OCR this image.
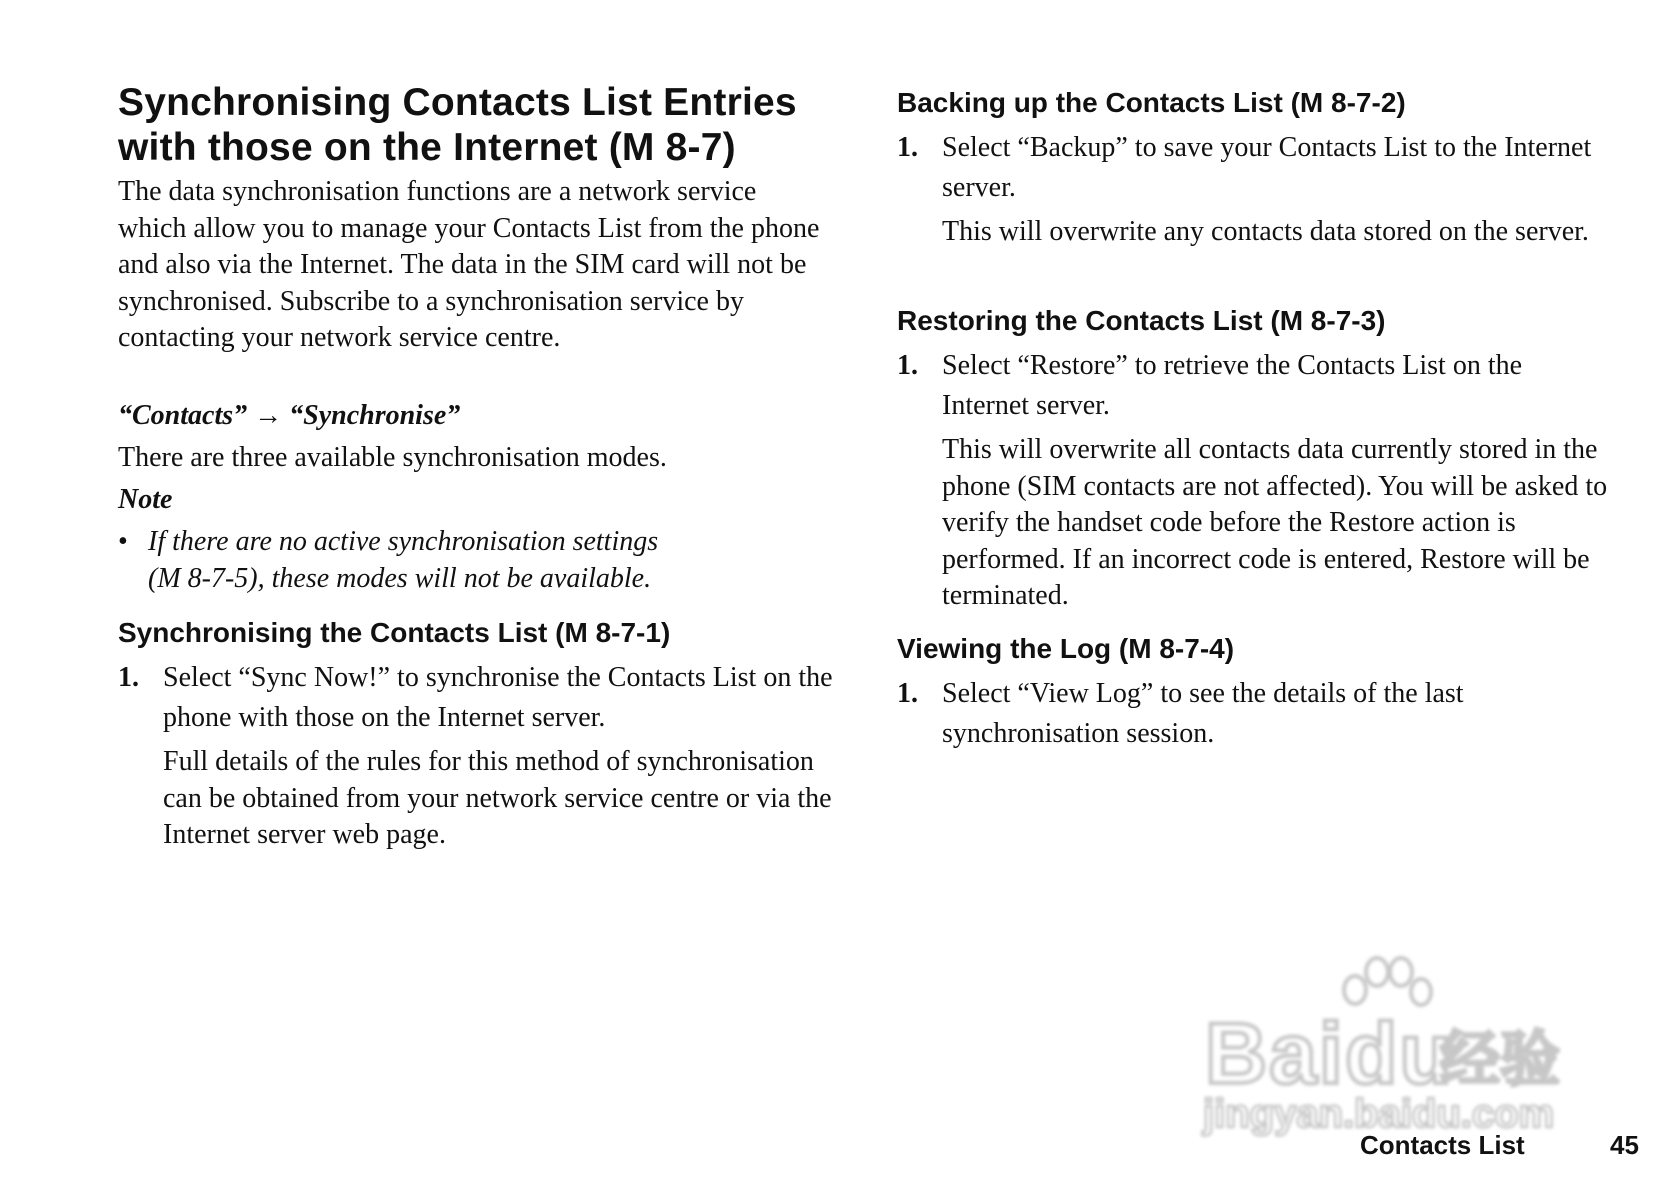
Synchronising Contacts List Entries
with those on the Internet (M 8-7)

The data synchronisation functions are a network service which allow you to manage your Contacts List from the phone and also via the Internet. The data in the SIM card will not be synchronised. Subscribe to a synchronisation service by contacting your network service centre.

“Contacts” → “Synchronise”

There are three available synchronisation modes.

Note

• If there are no active synchronisation settings
(M 8-7-5), these modes will not be available.
Synchronising the Contacts List (M 8-7-1)
1. Select “Sync Now!” to synchronise the Contacts List on the phone with those on the Internet server.

Full details of the rules for this method of synchronisation can be obtained from your network service centre or via the Internet server web page.

Backing up the Contacts List (M 8-7-2)
1. Select “Backup” to save your Contacts List to the Internet server.

This will overwrite any contacts data stored on the server.

Restoring the Contacts List (M 8-7-3)
1. Select “Restore” to retrieve the Contacts List on the Internet server.

This will overwrite all contacts data currently stored in the phone (SIM contacts are not affected). You will be asked to verify the handset code before the Restore action is performed. If an incorrect code is entered, Restore will be terminated.

Viewing the Log (M 8-7-4)
1. Select “View Log” to see the details of the last synchronisation session.
Baidu
经验
jingyan.baidu.com
Contacts List	45
